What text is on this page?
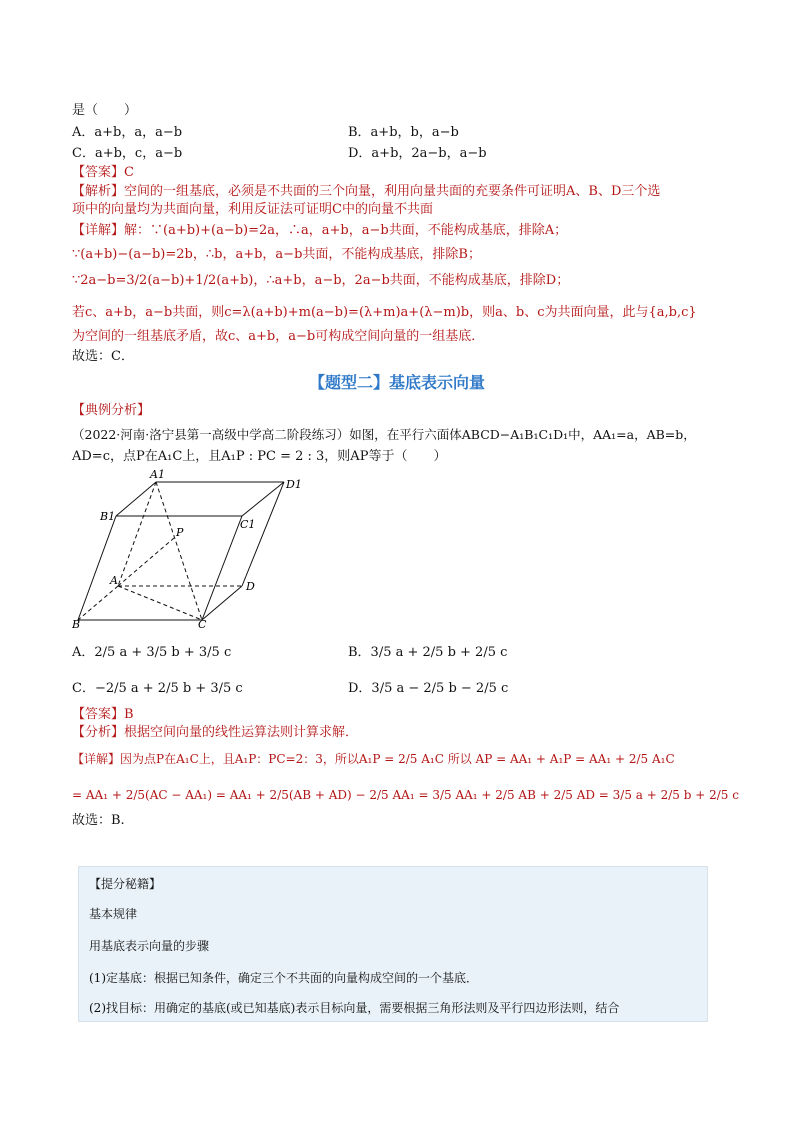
是（　　）
A．a+b，a，a−b	B．a+b，b，a−b
C．a+b，c，a−b	D．a+b，2a−b，a−b
【答案】C
【解析】空间的一组基底，必须是不共面的三个向量，利用向量共面的充要条件可证明A、B、D三个选
项中的向量均为共面向量，利用反证法可证明C中的向量不共面
【详解】解：∵(a+b)+(a−b)=2a，∴a，a+b，a−b共面，不能构成基底，排除A；
∵(a+b)−(a−b)=2b，∴b，a+b，a−b共面，不能构成基底，排除B；
∵2a−b=3/2(a−b)+1/2(a+b)，∴a+b，a−b，2a−b共面，不能构成基底，排除D；
若c、a+b，a−b共面，则c=λ(a+b)+m(a−b)=(λ+m)a+(λ−m)b，则a、b、c为共面向量，此与{a,b,c}
为空间的一组基底矛盾，故c、a+b，a−b可构成空间向量的一组基底．
故选：C．
【题型二】基底表示向量
【典例分析】
（2022·河南·洛宁县第一高级中学高二阶段练习）如图，在平行六面体ABCD−A₁B₁C₁D₁中，AA₁=a，AB=b，
AD=c，点P在A₁C上，且A₁P : PC = 2 : 3，则AP等于（　　）
A1
D1
B1
C1
P
A	D
B	C
A．2/5 a + 3/5 b + 3/5 c	B．3/5 a + 2/5 b + 2/5 c
C．−2/5 a + 2/5 b + 3/5 c	D．3/5 a − 2/5 b − 2/5 c
【答案】B
【分析】根据空间向量的线性运算法则计算求解．
【详解】因为点P在A₁C上，且A₁P：PC=2：3，所以A₁P = 2/5 A₁C 所以 AP = AA₁ + A₁P = AA₁ + 2/5 A₁C
= AA₁ + 2/5(AC − AA₁) = AA₁ + 2/5(AB + AD) − 2/5 AA₁ = 3/5 AA₁ + 2/5 AB + 2/5 AD = 3/5 a + 2/5 b + 2/5 c
故选：B.
【提分秘籍】
基本规律
用基底表示向量的步骤
(1)定基底：根据已知条件，确定三个不共面的向量构成空间的一个基底．
(2)找目标：用确定的基底(或已知基底)表示目标向量，需要根据三角形法则及平行四边形法则，结合
